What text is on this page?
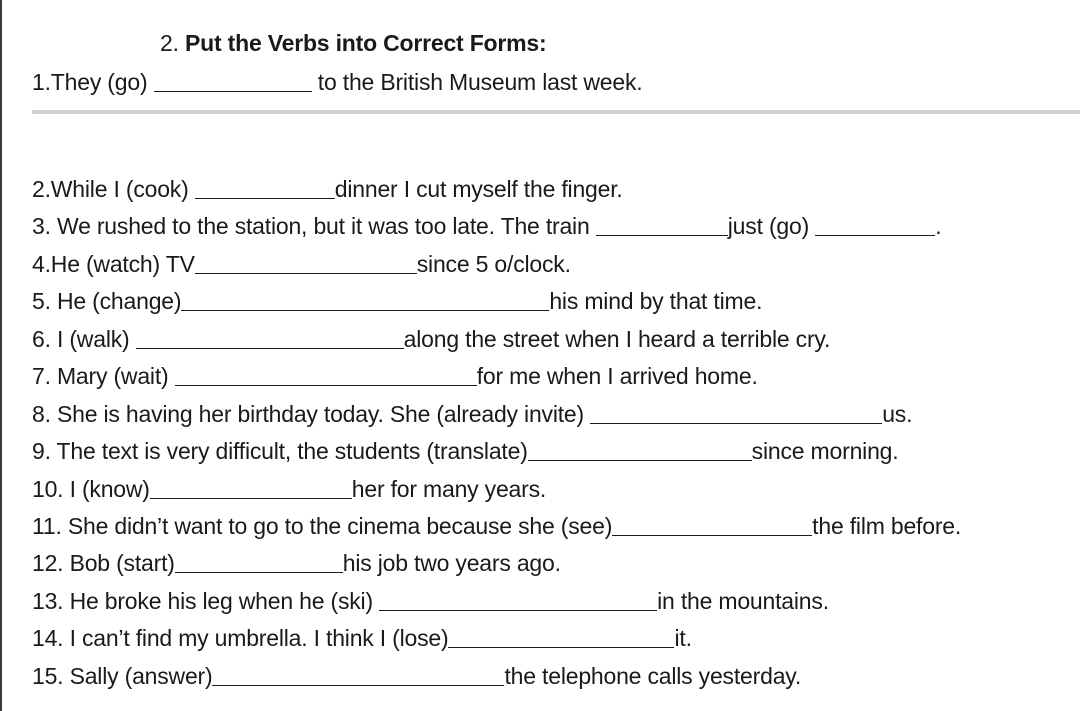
2. Put the Verbs into Correct Forms:
1.They (go)	to the British Museum last week.
2.While I (cook)	dinner I cut myself the finger.
3. We rushed to the station, but it was too late. The train	just (go)	.
4.He (watch) TV	since 5 o/clock.
5. He (change)	his mind by that time.
6. I (walk)	along the street when I heard a terrible cry.
7. Mary (wait)	for me when I arrived home.
8. She is having her birthday today. She (already invite)	us.
9. The text is very difficult, the students (translate)	since morning.
10. I (know)	her for many years.
11. She didn’t want to go to the cinema because she (see)	the film before.
12. Bob (start)	his job two years ago.
13. He broke his leg when he (ski)	in the mountains.
14. I can’t find my umbrella. I think I (lose)	it.
15. Sally (answer)	the telephone calls yesterday.
